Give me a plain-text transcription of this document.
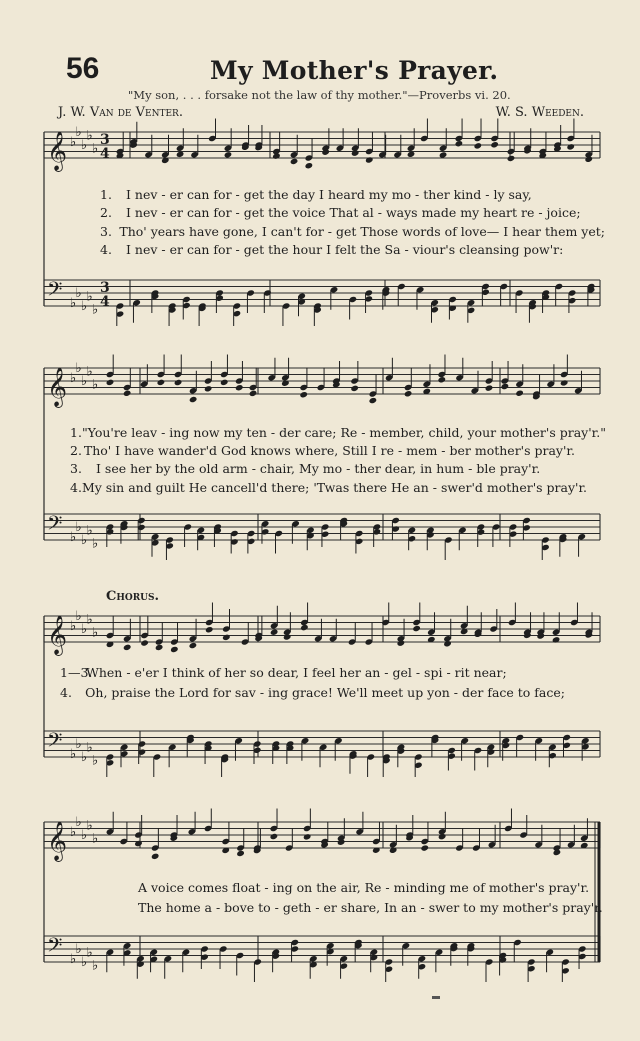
56	My Mother's Prayer.
"My son, . . . forsake not the law of thy mother."—Proverbs vi. 20.
J. W. Van de Venter.	W. S. Weeden.
Chorus.
𝄞 ♭
♭
♭
♭
♭
3
4
𝄢 ♭
♭
♭
♭
♭
3
4
𝄞 ♭
♭
♭
♭
♭
𝄢 ♭
♭
♭
♭
♭
𝄞 ♭
♭
♭
♭
♭
𝄢 ♭
♭
♭
♭
♭
𝄞 ♭
♭
♭
♭
♭
𝄢 ♭
♭
♭
♭
♭
1.	I nev - er can for - get the day I heard my mo - ther kind - ly say,
2.	I nev - er can for - get the voice That al - ways made my heart re - joice;
3. Tho' years have gone, I can't for - get Those words of love— I hear them yet;
4.	I nev - er can for - get the hour I felt the Sa - viour's cleansing pow'r:
1. "You're leav - ing now my ten - der care; Re - member, child, your mother's pray'r."
2. Tho' I have wander'd God knows where, Still I re - mem - ber mother's pray'r.
3.	I see her by the old arm - chair, My mo - ther dear, in hum - ble pray'r.
4. My sin and guilt He cancell'd there; 'Twas there He an - swer'd mother's pray'r.
1—3.
When - e'er I think of her so dear, I feel her an - gel - spi - rit near;
4.	Oh, praise the Lord for sav - ing grace! We'll meet up yon - der face to face;
A voice comes float - ing on the air, Re - minding me of mother's pray'r.
The home a - bove to - geth - er share, In an - swer to my mother's pray'r.
